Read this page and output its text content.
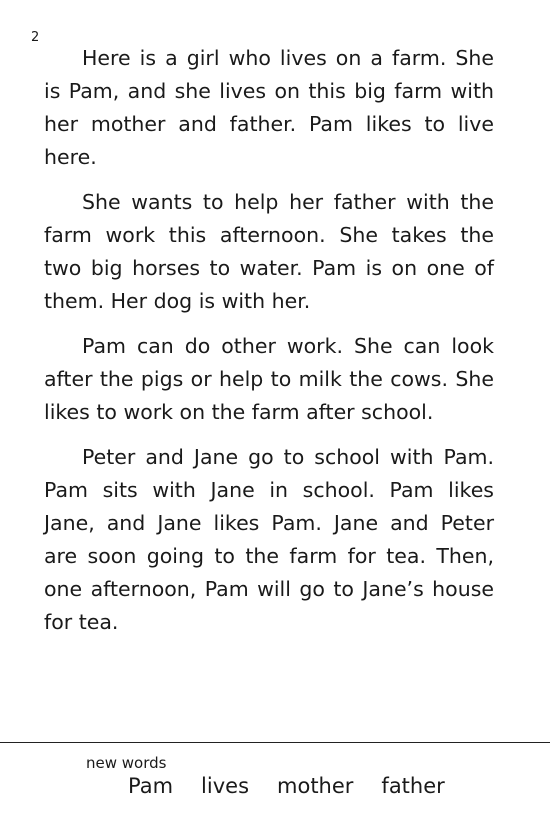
2

Here is a girl who lives on a farm. She is Pam, and she lives on this big farm with her mother and father. Pam likes to live here.

She wants to help her father with the farm work this afternoon. She takes the two big horses to water. Pam is on one of them. Her dog is with her.

Pam can do other work. She can look after the pigs or help to milk the cows. She likes to work on the farm after school.

Peter and Jane go to school with Pam. Pam sits with Jane in school. Pam likes Jane, and Jane likes Pam. Jane and Peter are soon going to the farm for tea. Then, one afternoon, Pam will go to Jane’s house for tea.

new words
Pam lives mother father
